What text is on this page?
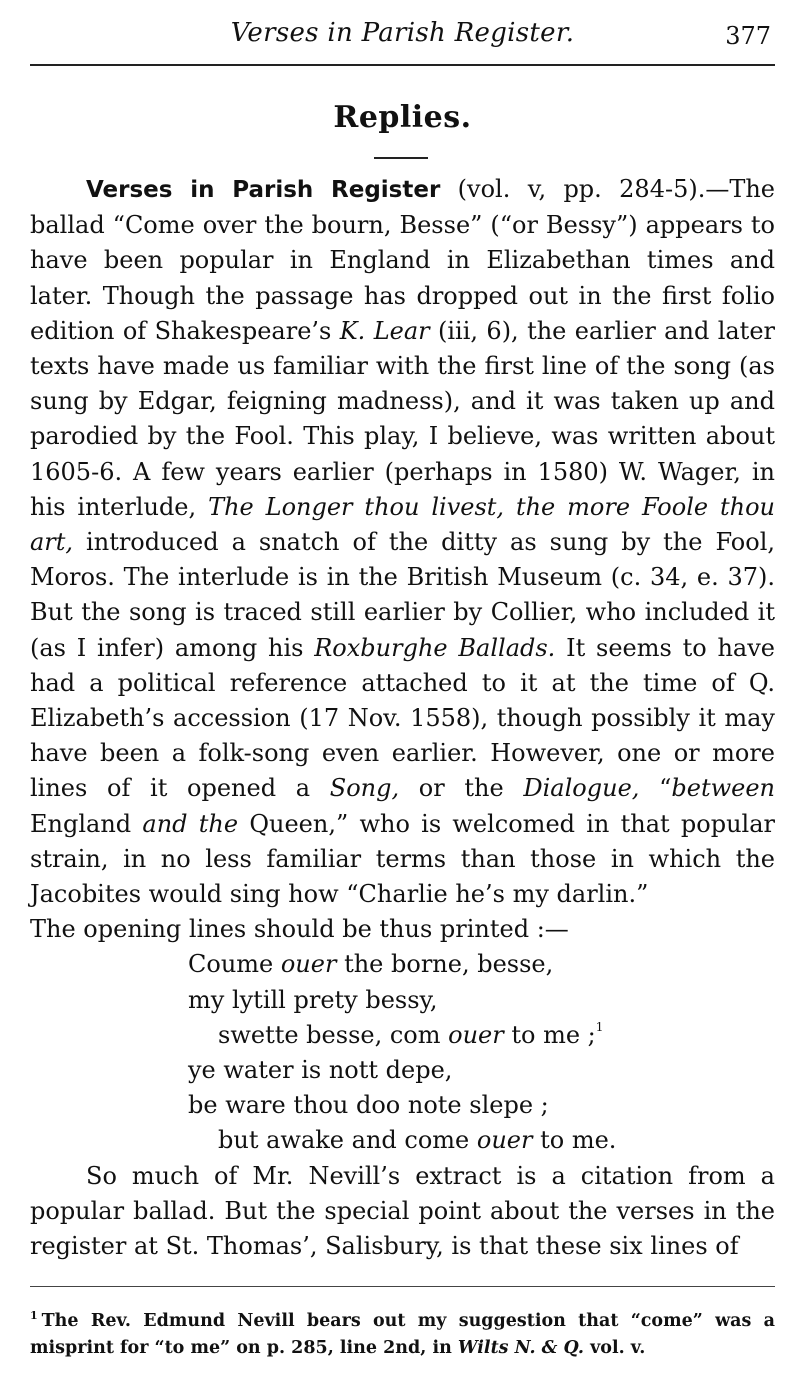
Verses in Parish Register.	377
Replies.

Verses in Parish Register (vol. v, pp. 284-5).—The ballad “Come over the bourn, Besse” (“or Bessy”) appears to have been popular in England in Elizabethan times and later. Though the passage has dropped out in the first folio edition of Shakespeare’s K. Lear (iii, 6), the earlier and later texts have made us familiar with the first line of the song (as sung by Edgar, feigning madness), and it was taken up and parodied by the Fool. This play, I believe, was written about 1605-6. A few years earlier (perhaps in 1580) W. Wager, in his interlude, The Longer thou livest, the more Foole thou art, introduced a snatch of the ditty as sung by the Fool, Moros. The interlude is in the British Museum (c. 34, e. 37). But the song is traced still earlier by Collier, who included it (as I infer) among his Roxburghe Ballads. It seems to have had a political reference attached to it at the time of Q. Elizabeth’s accession (17 Nov. 1558), though possibly it may have been a folk-song even earlier. However, one or more lines of it opened a Song, or the Dialogue, “between England and the Queen,” who is welcomed in that popular strain, in no less familiar terms than those in which the Jacobites would sing how “Charlie he’s my darlin.”

The opening lines should be thus printed :—

Coume ouer the borne, besse,
my lytill prety bessy,
swette besse, com ouer to me ;$^1$
ye water is nott depe,
be ware thou doo note slepe ;
but awake and come ouer to me.

So much of Mr. Nevill’s extract is a citation from a popular ballad. But the special point about the verses in the register at St. Thomas’, Salisbury, is that these six lines of

$^1$ The Rev. Edmund Nevill bears out my suggestion that “come” was a misprint for “to me” on p. 285, line 2nd, in Wilts N. & Q. vol. v.
